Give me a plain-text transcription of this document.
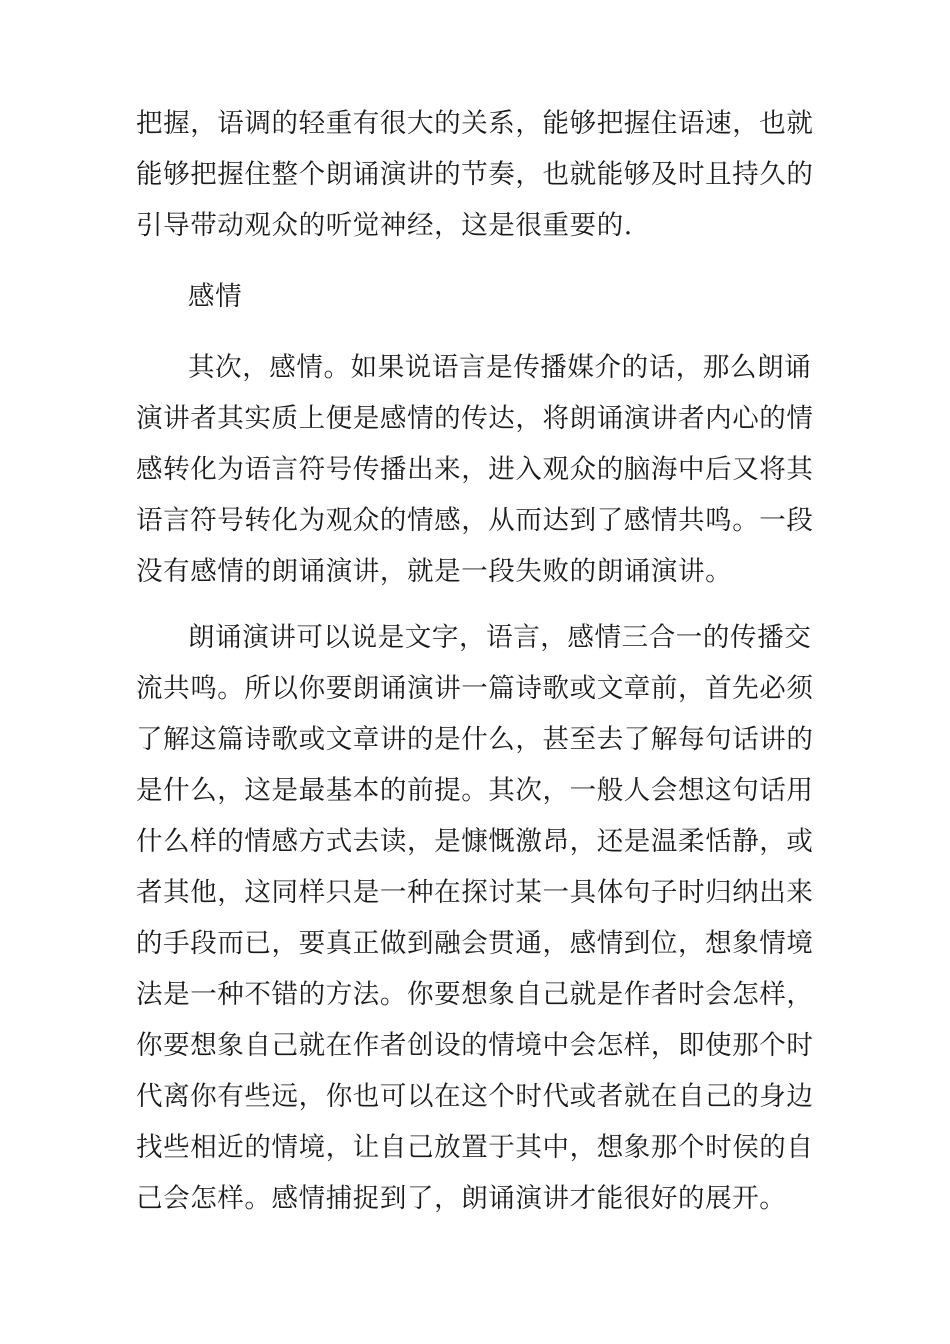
把握，语调的轻重有很大的关系，能够把握住语速，也就

能够把握住整个朗诵演讲的节奏，也就能够及时且持久的

引导带动观众的听觉神经，这是很重要的.

感情

其次，感情。如果说语言是传播媒介的话，那么朗诵

演讲者其实质上便是感情的传达，将朗诵演讲者内心的情

感转化为语言符号传播出来，进入观众的脑海中后又将其

语言符号转化为观众的情感，从而达到了感情共鸣。一段

没有感情的朗诵演讲，就是一段失败的朗诵演讲。

朗诵演讲可以说是文字，语言，感情三合一的传播交

流共鸣。所以你要朗诵演讲一篇诗歌或文章前，首先必须

了解这篇诗歌或文章讲的是什么，甚至去了解每句话讲的

是什么，这是最基本的前提。其次，一般人会想这句话用

什么样的情感方式去读，是慷慨激昂，还是温柔恬静，或

者其他，这同样只是一种在探讨某一具体句子时归纳出来

的手段而已，要真正做到融会贯通，感情到位，想象情境

法是一种不错的方法。你要想象自己就是作者时会怎样，

你要想象自己就在作者创设的情境中会怎样，即使那个时

代离你有些远，你也可以在这个时代或者就在自己的身边

找些相近的情境，让自己放置于其中，想象那个时侯的自

己会怎样。感情捕捉到了，朗诵演讲才能很好的展开。
